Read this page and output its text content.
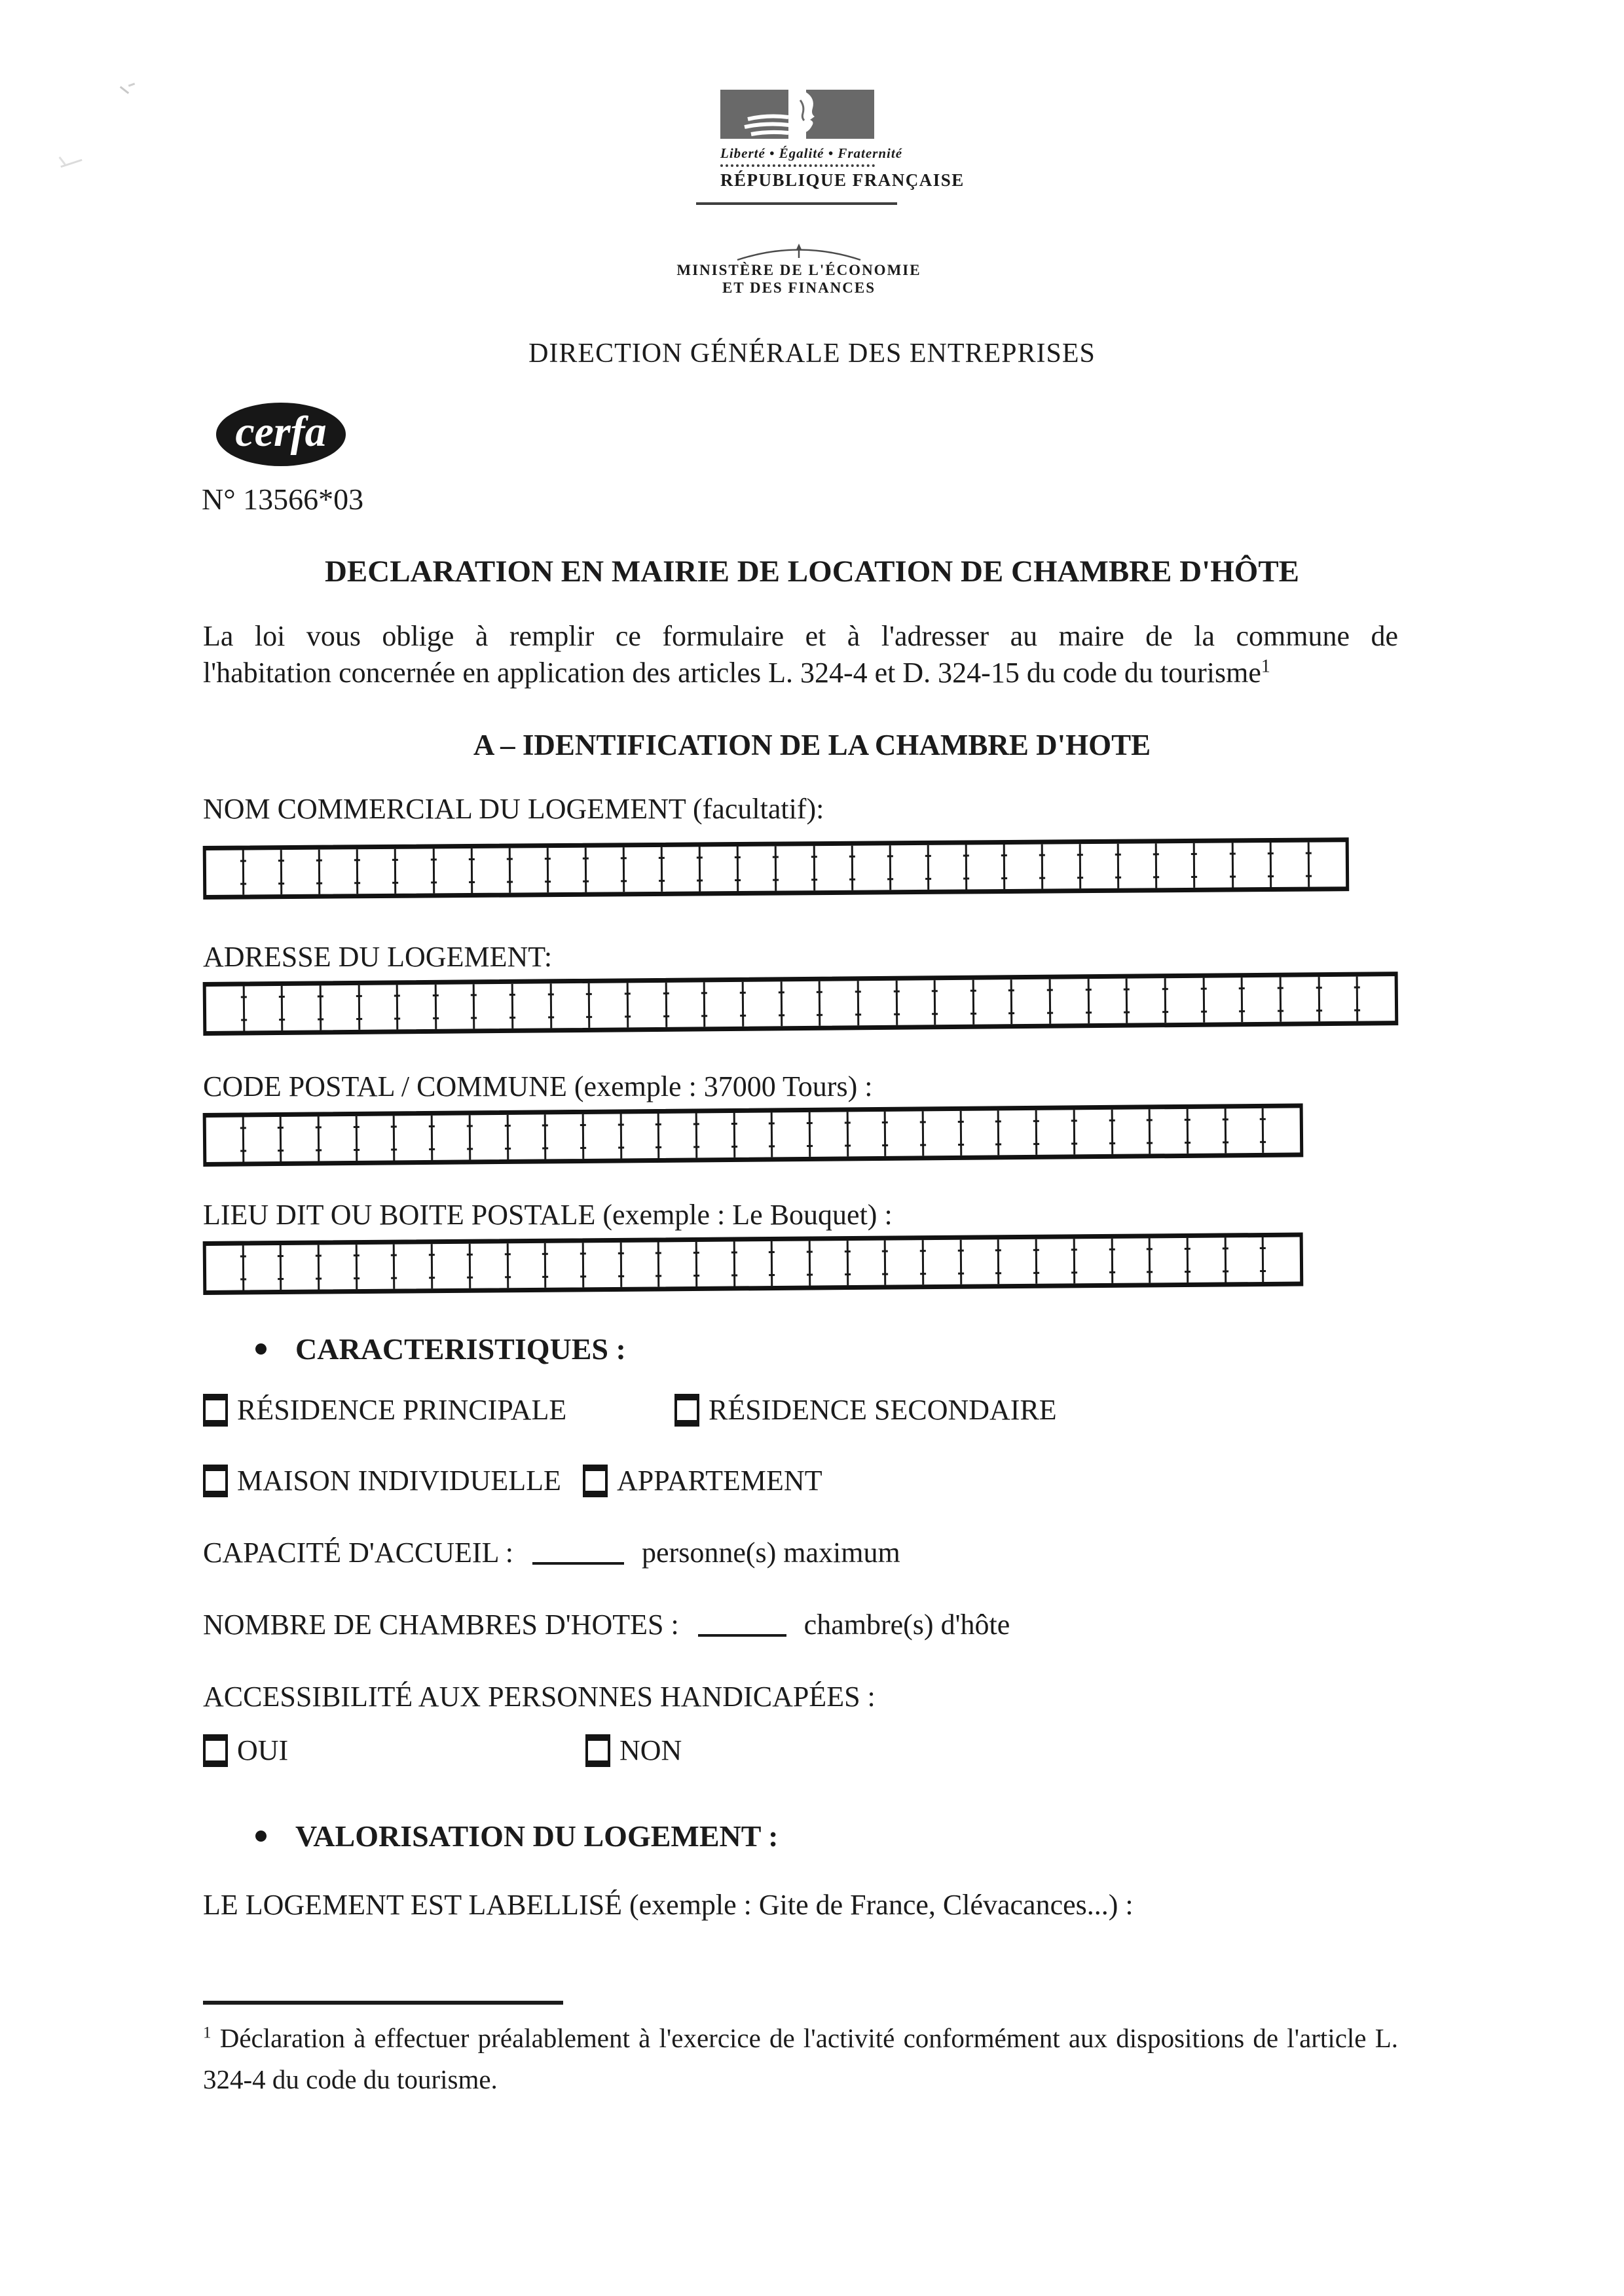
Liberté • Égalité • Fraternité
RÉPUBLIQUE FRANÇAISE
MINISTÈRE DE L'ÉCONOMIE
ET DES FINANCES
DIRECTION GÉNÉRALE DES ENTREPRISES
cerfa
N° 13566*03
DECLARATION EN MAIRIE DE LOCATION DE CHAMBRE D'HÔTE
La loi vous oblige à remplir ce formulaire et à l'adresser au maire de la commune de
l'habitation concernée en application des articles L. 324-4 et D. 324-15 du code du tourisme$^1$
A – IDENTIFICATION DE LA CHAMBRE D'HOTE
NOM COMMERCIAL DU LOGEMENT (facultatif):
ADRESSE DU LOGEMENT:
CODE POSTAL / COMMUNE (exemple : 37000 Tours) :
LIEU DIT OU BOITE POSTALE (exemple : Le Bouquet) :
CARACTERISTIQUES :
RÉSIDENCE PRINCIPALE	RÉSIDENCE SECONDAIRE
MAISON INDIVIDUELLE APPARTEMENT
CAPACITÉ D'ACCUEIL :	personne(s) maximum
NOMBRE DE CHAMBRES D'HOTES :	chambre(s) d'hôte
ACCESSIBILITÉ AUX PERSONNES HANDICAPÉES :
OUI	NON
VALORISATION DU LOGEMENT :
LE LOGEMENT EST LABELLISÉ (exemple : Gite de France, Clévacances...) :
$^1$ Déclaration à effectuer préalablement à l'exercice de l'activité conformément aux dispositions de l'article L.
324-4 du code du tourisme.
